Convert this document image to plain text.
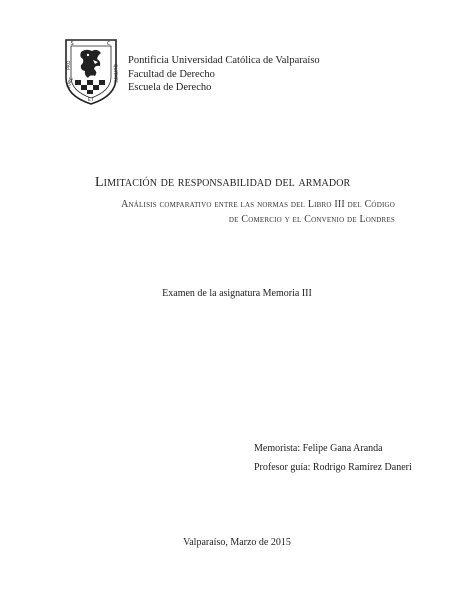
S	C
PRO
JURE	QUITATE
ET
Pontificia Universidad Católica de Valparaíso
Facultad de Derecho
Escuela de Derecho
Limitación de responsabilidad del armador
Análisis comparativo entre las normas del Libro III del Código
de Comercio y el Convenio de Londres
Examen de la asignatura Memoria III
Memorista: Felipe Gana Aranda
Profesor guía: Rodrigo Ramírez Daneri
Valparaíso, Marzo de 2015
